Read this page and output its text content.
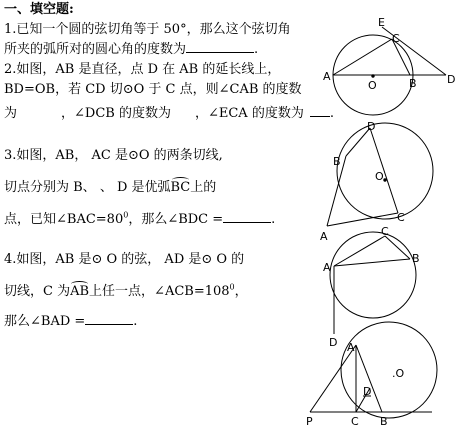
一、填空题:
1.已知一个圆的弦切角等于 50°，那么这个弦切角
所夹的弧所对的圆心角的度数为	.
2.如图，AB 是直径，点 D 在 AB 的延长线上，
BD=OB，若 CD 切⊙O 于 C 点，则∠CAB 的度数
为	，∠DCB 的度数为 ，∠ECA 的度数为 .
3.如图，AB， AC 是⊙O 的两条切线,
切点分别为 B、 、 D 是优弧BC上的
点，已知$\angle BAC=80^0$，那么∠BDC =	.
4.如图，AB 是⊙ O 的弦， AD 是⊙ O 的
切线，C 为AB上任一点，$\angle ACB=108^0$，
那么∠BAD =	.
E
C
A
O	B	D
D
B
O
A
C
C
A
B
D A
.O
D
P	C B
